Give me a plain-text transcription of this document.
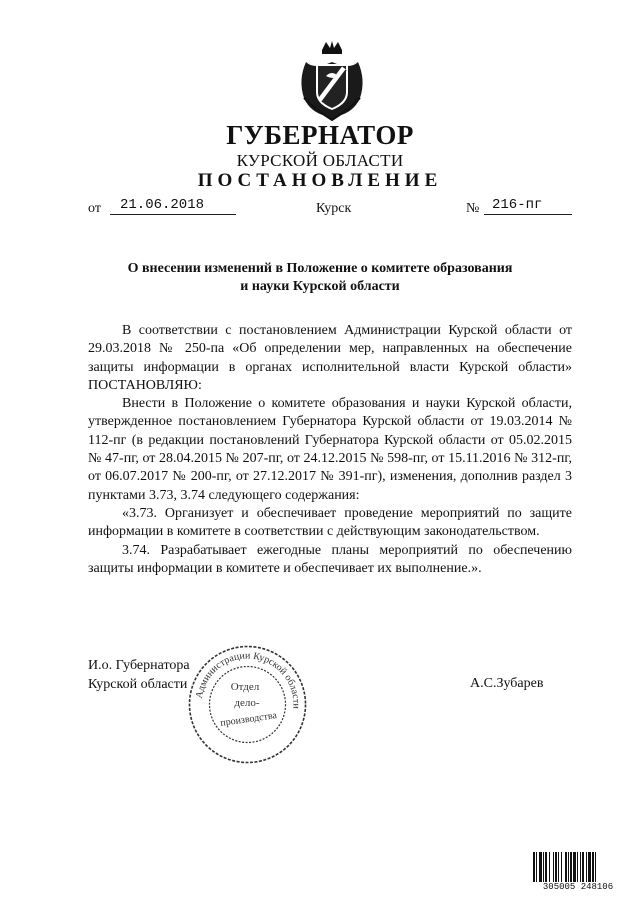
ГУБЕРНАТОР
КУРСКОЙ ОБЛАСТИ
ПОСТАНОВЛЕНИЕ
от	21.06.2018	Курск	№ 216-пг
О внесении изменений в Положение о комитете образования
и науки Курской области

В соответствии с постановлением Администрации Курской области от 29.03.2018 № 250-па «Об определении мер, направленных на обеспечение защиты информации в органах исполнительной власти Курской области» ПОСТАНОВЛЯЮ:

Внести в Положение о комитете образования и науки Курской области, утвержденное постановлением Губернатора Курской области от 19.03.2014 № 112-пг (в редакции постановлений Губернатора Курской области от 05.02.2015 № 47-пг, от 28.04.2015 № 207-пг, от 24.12.2015 № 598-пг, от 15.11.2016 № 312-пг, от 06.07.2017 № 200-пг, от 27.12.2017 № 391-пг), изменения, дополнив раздел 3 пунктами 3.73, 3.74 следующего содержания:

«3.73. Организует и обеспечивает проведение мероприятий по защите информации в комитете в соответствии с действующим законодательством.

3.74. Разрабатывает ежегодные планы мероприятий по обеспечению защиты информации в комитете и обеспечивает их выполнение.».

И.о. Губернатора
Курской области	А.С.Зубарев
Администрации Курской области
Отдел
дело-
производства
305005 248106
